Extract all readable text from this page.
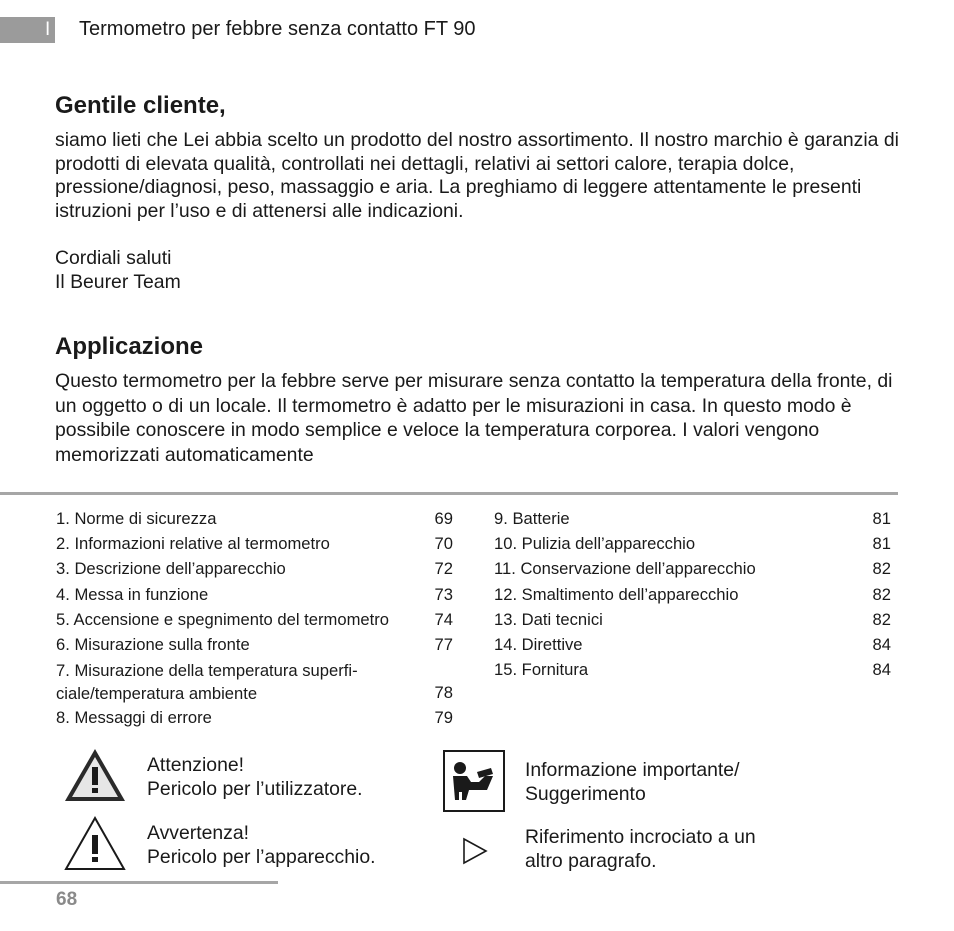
I Termometro per febbre senza contatto FT 90
Gentile cliente,

siamo lieti che Lei abbia scelto un prodotto del nostro assortimento. Il nostro marchio è garanzia di prodotti di elevata qualità, controllati nei dettagli, relativi ai settori calore, terapia dolce, pressione/diagnosi, peso, massaggio e aria. La preghiamo di leggere attentamente le presenti istruzioni per l’uso e di attenersi alle indicazioni.

Cordiali saluti
Il Beurer Team
Applicazione

Questo termometro per la febbre serve per misurare senza contatto la temperatura della fronte, di un oggetto o di un locale. Il termometro è adatto per le misurazioni in casa. In questo modo è possibile conoscere in modo semplice e veloce la temperatura corporea. I valori vengono memorizzati automaticamente

1. Norme di sicurezza	69
2. Informazioni relative al termometro	70
3. Descrizione dell’apparecchio	72
4. Messa in funzione	73
5. Accensione e spegnimento del termometro	74
6. Misurazione sulla fronte	77
7. Misurazione della temperatura superfi-
ciale/temperatura ambiente	78
8. Messaggi di errore	79
9. Batterie	81
10. Pulizia dell’apparecchio	81
11. Conservazione dell’apparecchio	82
12. Smaltimento dell’apparecchio	82
13. Dati tecnici	82
14. Direttive	84
15. Fornitura	84
Attenzione!
Pericolo per l’utilizzatore.
Avvertenza!
Pericolo per l’apparecchio.
Informazione importante/
Suggerimento
Riferimento incrociato a un
altro paragrafo.
68
